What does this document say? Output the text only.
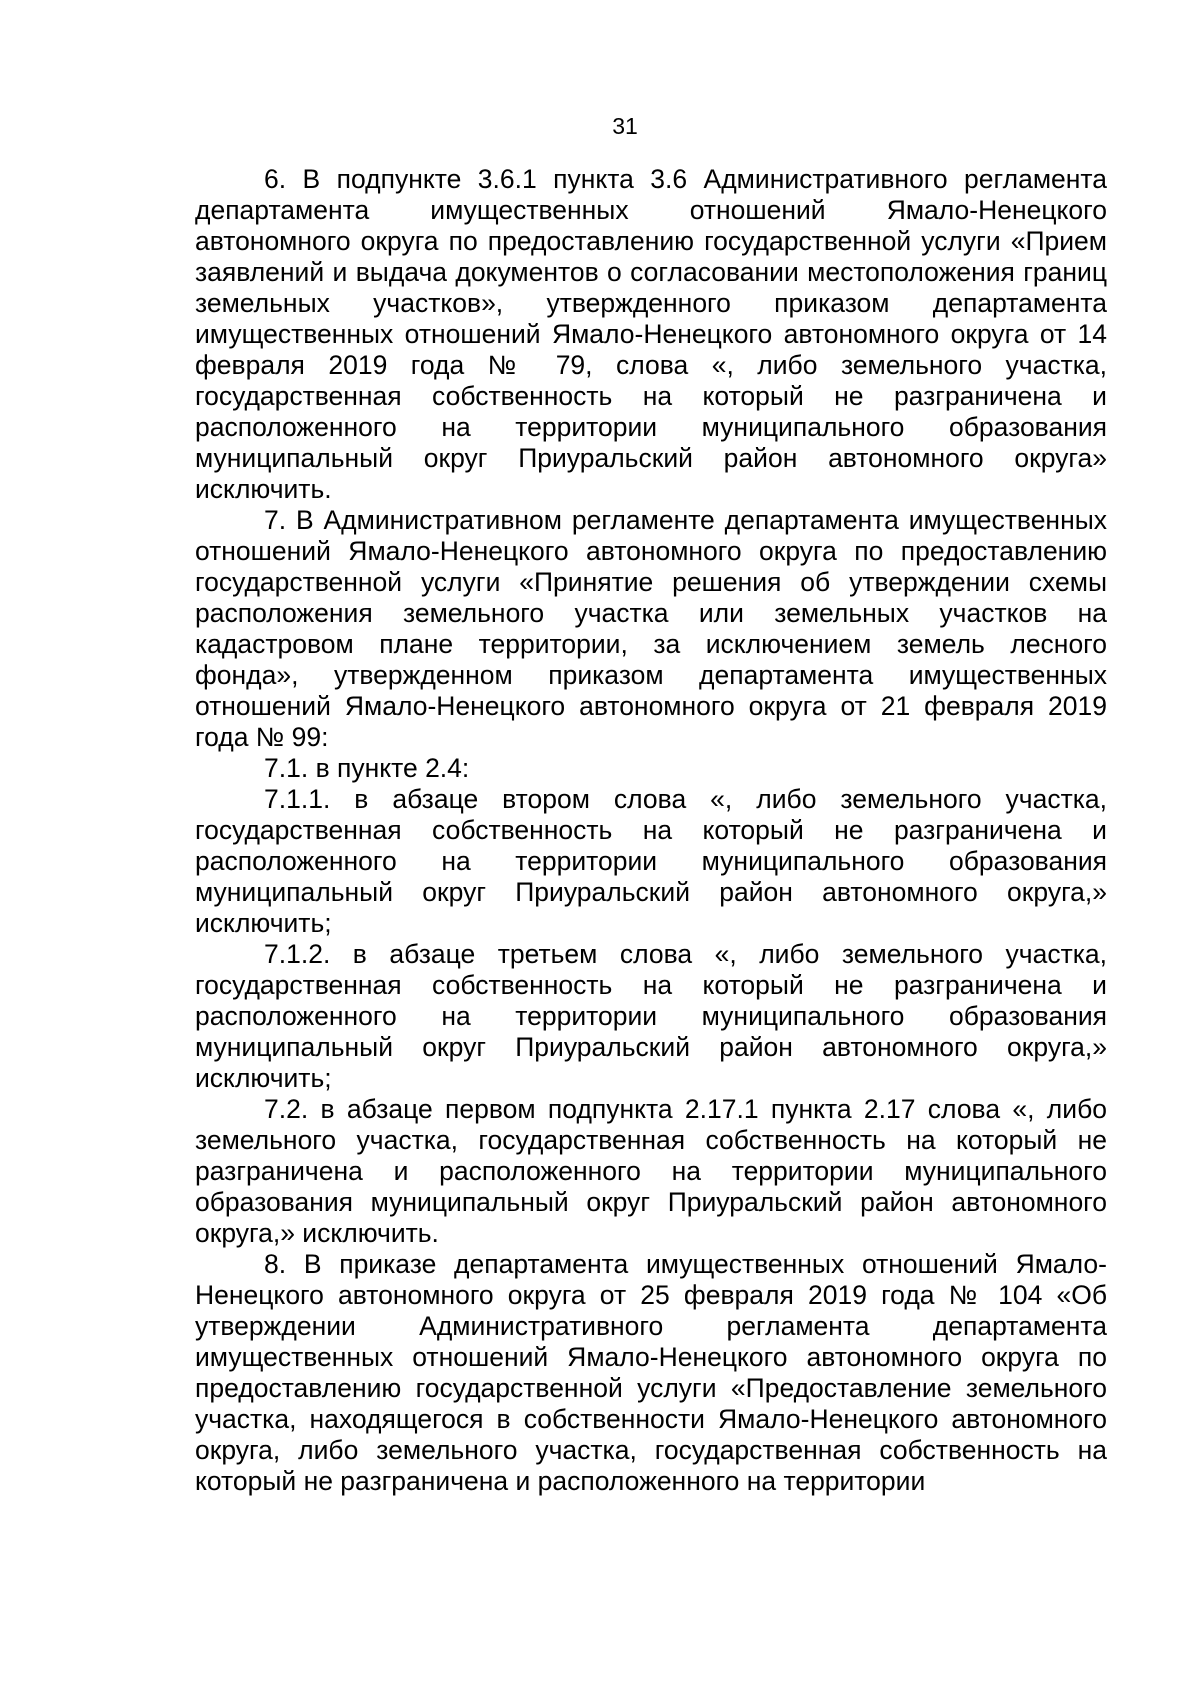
31

6. В подпункте 3.6.1 пункта 3.6 Административного регламента департамента имущественных отношений Ямало-Ненецкого автономного округа по предоставлению государственной услуги «Прием заявлений и выдача документов о согласовании местоположения границ земельных участков», утвержденного приказом департамента имущественных отношений Ямало-Ненецкого автономного округа от 14 февраля 2019 года № 79, слова «, либо земельного участка, государственная собственность на который не разграничена и расположенного на территории муниципального образования муниципальный округ Приуральский район автономного округа» исключить.

7. В Административном регламенте департамента имущественных отношений Ямало-Ненецкого автономного округа по предоставлению государственной услуги «Принятие решения об утверждении схемы расположения земельного участка или земельных участков на кадастровом плане территории, за исключением земель лесного фонда», утвержденном приказом департамента имущественных отношений Ямало-Ненецкого автономного округа от 21 февраля 2019 года № 99:

7.1. в пункте 2.4:

7.1.1. в абзаце втором слова «, либо земельного участка, государственная собственность на который не разграничена и расположенного на территории муниципального образования муниципальный округ Приуральский район автономного округа,» исключить;

7.1.2. в абзаце третьем слова «, либо земельного участка, государственная собственность на который не разграничена и расположенного на территории муниципального образования муниципальный округ Приуральский район автономного округа,» исключить;

7.2. в абзаце первом подпункта 2.17.1 пункта 2.17 слова «, либо земельного участка, государственная собственность на который не разграничена и расположенного на территории муниципального образования муниципальный округ Приуральский район автономного округа,» исключить.

8. В приказе департамента имущественных отношений Ямало-Ненецкого автономного округа от 25 февраля 2019 года № 104 «Об утверждении Административного регламента департамента имущественных отношений Ямало-Ненецкого автономного округа по предоставлению государственной услуги «Предоставление земельного участка, находящегося в собственности Ямало-Ненецкого автономного округа, либо земельного участка, государственная собственность на который не разграничена и расположенного на территории
